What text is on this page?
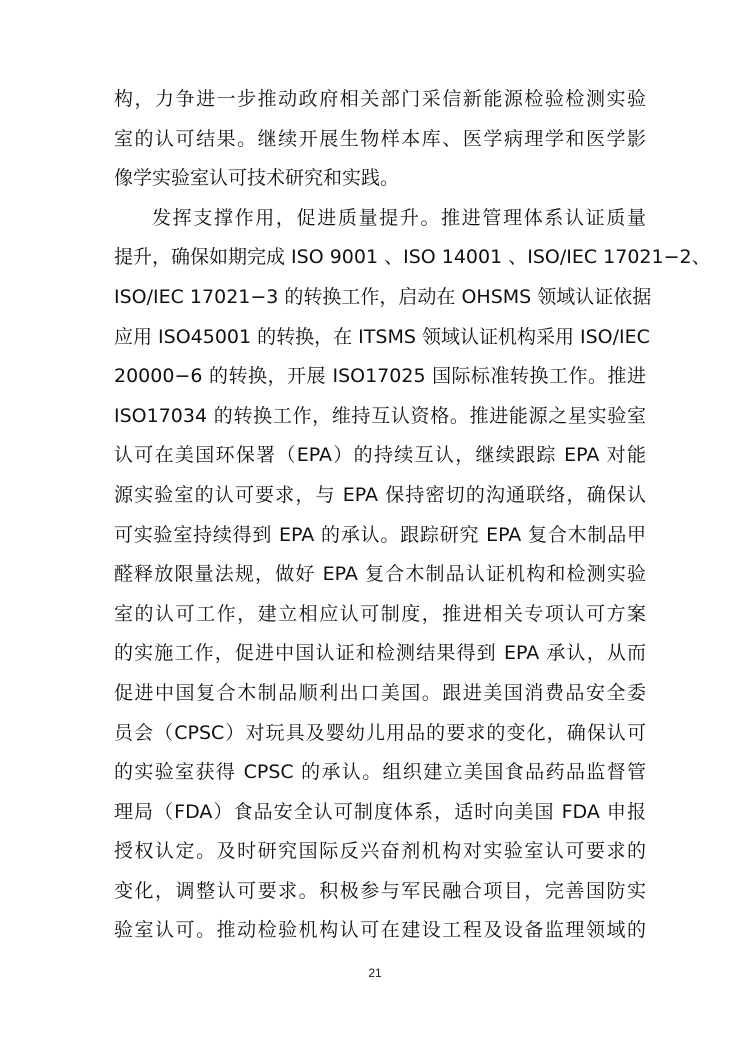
构，力争进一步推动政府相关部门采信新能源检验检测实验
室的认可结果。继续开展生物样本库、医学病理学和医学影
像学实验室认可技术研究和实践。
发挥支撑作用，促进质量提升。推进管理体系认证质量
提升，确保如期完成 ISO 9001 、ISO 14001 、ISO/IEC 17021−2、
ISO/IEC 17021−3 的转换工作，启动在 OHSMS 领域认证依据
应用 ISO45001 的转换，在 ITSMS 领域认证机构采用 ISO/IEC
20000−6 的转换，开展 ISO17025 国际标准转换工作。推进
ISO17034 的转换工作，维持互认资格。推进能源之星实验室
认可在美国环保署（EPA）的持续互认，继续跟踪 EPA 对能
源实验室的认可要求，与 EPA 保持密切的沟通联络，确保认
可实验室持续得到 EPA 的承认。跟踪研究 EPA 复合木制品甲
醛释放限量法规，做好 EPA 复合木制品认证机构和检测实验
室的认可工作，建立相应认可制度，推进相关专项认可方案
的实施工作，促进中国认证和检测结果得到 EPA 承认，从而
促进中国复合木制品顺利出口美国。跟进美国消费品安全委
员会（CPSC）对玩具及婴幼儿用品的要求的变化，确保认可
的实验室获得 CPSC 的承认。组织建立美国食品药品监督管
理局（FDA）食品安全认可制度体系，适时向美国 FDA 申报
授权认定。及时研究国际反兴奋剂机构对实验室认可要求的
变化，调整认可要求。积极参与军民融合项目，完善国防实
验室认可。推动检验机构认可在建设工程及设备监理领域的
21
